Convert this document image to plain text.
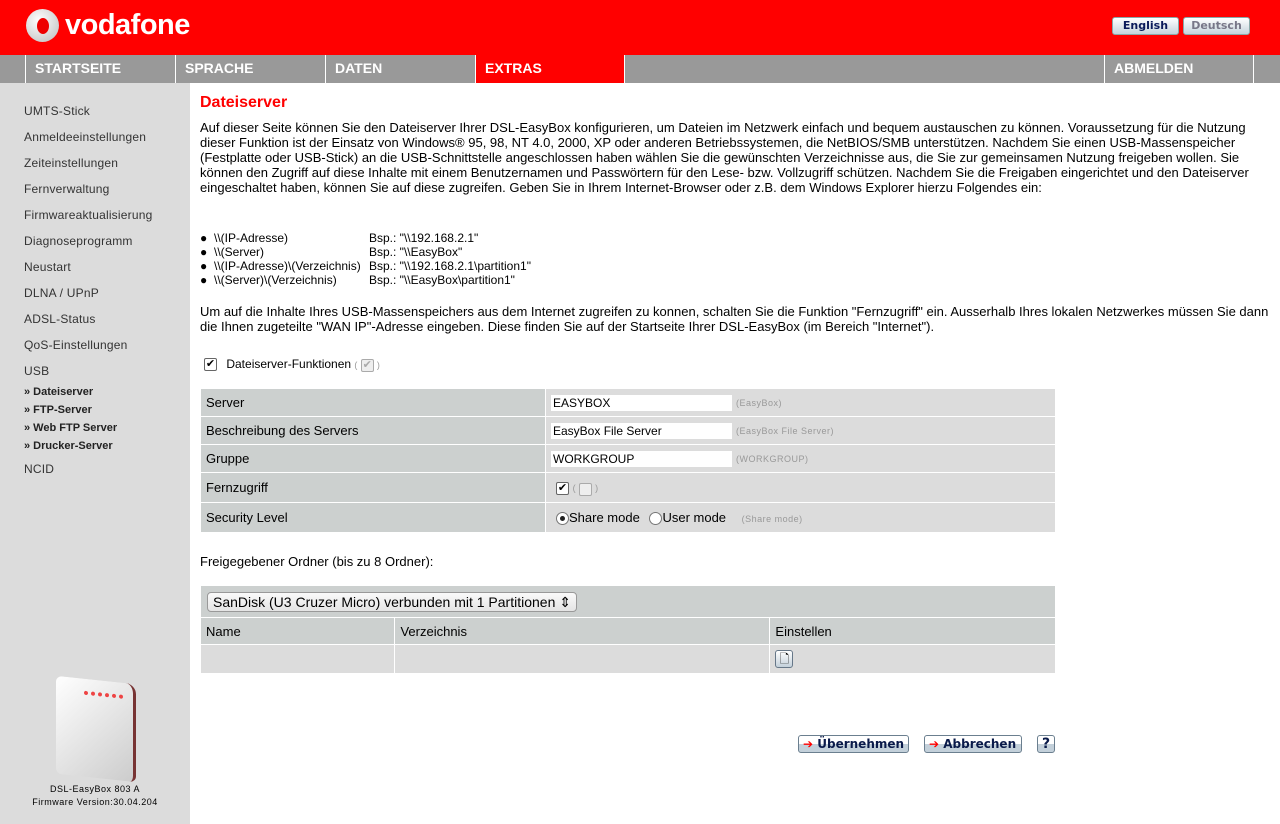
vodafone	English	Deutsch
STARTSEITE	SPRACHE	DATEN	EXTRAS	ABMELDEN
UMTS-Stick
Anmeldeeinstellungen
Zeiteinstellungen
Fernverwaltung
Firmwareaktualisierung
Diagnoseprogramm
Neustart
DLNA / UPnP
ADSL-Status
QoS-Einstellungen
USB
» Dateiserver
» FTP-Server
» Web FTP Server
» Drucker-Server
NCID
DSL-EasyBox 803 A
Firmware Version:30.04.204
Dateiserver
Auf dieser Seite können Sie den Dateiserver Ihrer DSL-EasyBox konfigurieren, um Dateien im Netzwerk einfach und bequem austauschen zu können. Voraussetzung für die Nutzung dieser Funktion ist der Einsatz von Windows® 95, 98, NT 4.0, 2000, XP oder anderen Betriebssystemen, die NetBIOS/SMB unterstützen. Nachdem Sie einen USB-Massenspeicher (Festplatte oder USB-Stick) an die USB-Schnittstelle angeschlossen haben wählen Sie die gewünschten Verzeichnisse aus, die Sie zur gemeinsamen Nutzung freigeben wollen. Sie können den Zugriff auf diese Inhalte mit einem Benutzernamen und Passwörtern für den Lese- bzw. Vollzugriff schützen. Nachdem Sie die Freigaben eingerichtet und den Dateiserver eingeschaltet haben, können Sie auf diese zugreifen. Geben Sie in Ihrem Internet-Browser oder z.B. dem Windows Explorer hierzu Folgendes ein:
● \\(IP-Adresse)	Bsp.: "\\192.168.2.1"
● \\(Server)	Bsp.: "\\EasyBox"
● \\(IP-Adresse)\(Verzeichnis) Bsp.: "\\192.168.2.1\partition1"
● \\(Server)\(Verzeichnis)	Bsp.: "\\EasyBox\partition1"
Um auf die Inhalte Ihres USB-Massenspeichers aus dem Internet zugreifen zu konnen, schalten Sie die Funktion "Fernzugriff" ein. Ausserhalb Ihres lokalen Netzwerkes müssen Sie dann die Ihnen zugeteilte "WAN IP"-Adresse eingeben. Diese finden Sie auf der Startseite Ihrer DSL-EasyBox (im Bereich "Internet").
✔ Dateiserver-Funktionen ( ✔ )
Server	EASYBOX (EasyBox)
Beschreibung des Servers	EasyBox File Server (EasyBox File Server)
Gruppe	WORKGROUP (WORKGROUP)
Fernzugriff	✔ (  )
Security Level	Share mode User mode (Share mode)
Freigegebener Ordner (bis zu 8 Ordner):
SanDisk (U3 Cruzer Micro) verbunden mit 1 Partitionen ⇕		
Name	Verzeichnis	Einstellen
		🗋
➔ Übernehmen	➔ Abbrechen	?
